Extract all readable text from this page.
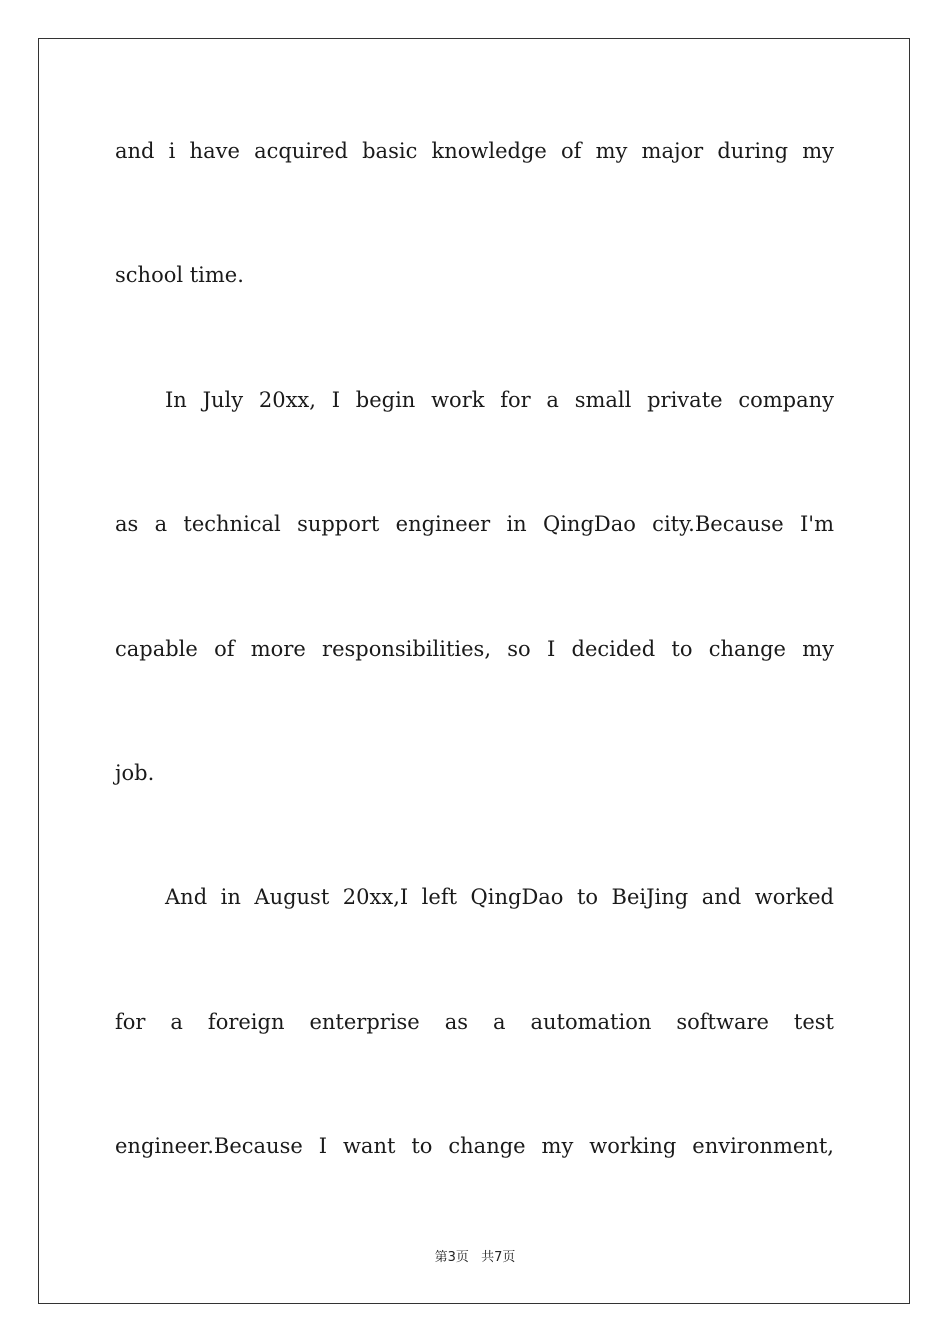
and i have acquired basic knowledge of my major during my
school time.
In July 20xx, I begin work for a small private company
as a technical support engineer in QingDao city.Because I'm
capable of more responsibilities, so I decided to change my
job.
And in August 20xx,I left QingDao to BeiJing and worked
for a foreign enterprise as a automation software test
engineer.Because I want to change my working environment,
第3页 共7页
